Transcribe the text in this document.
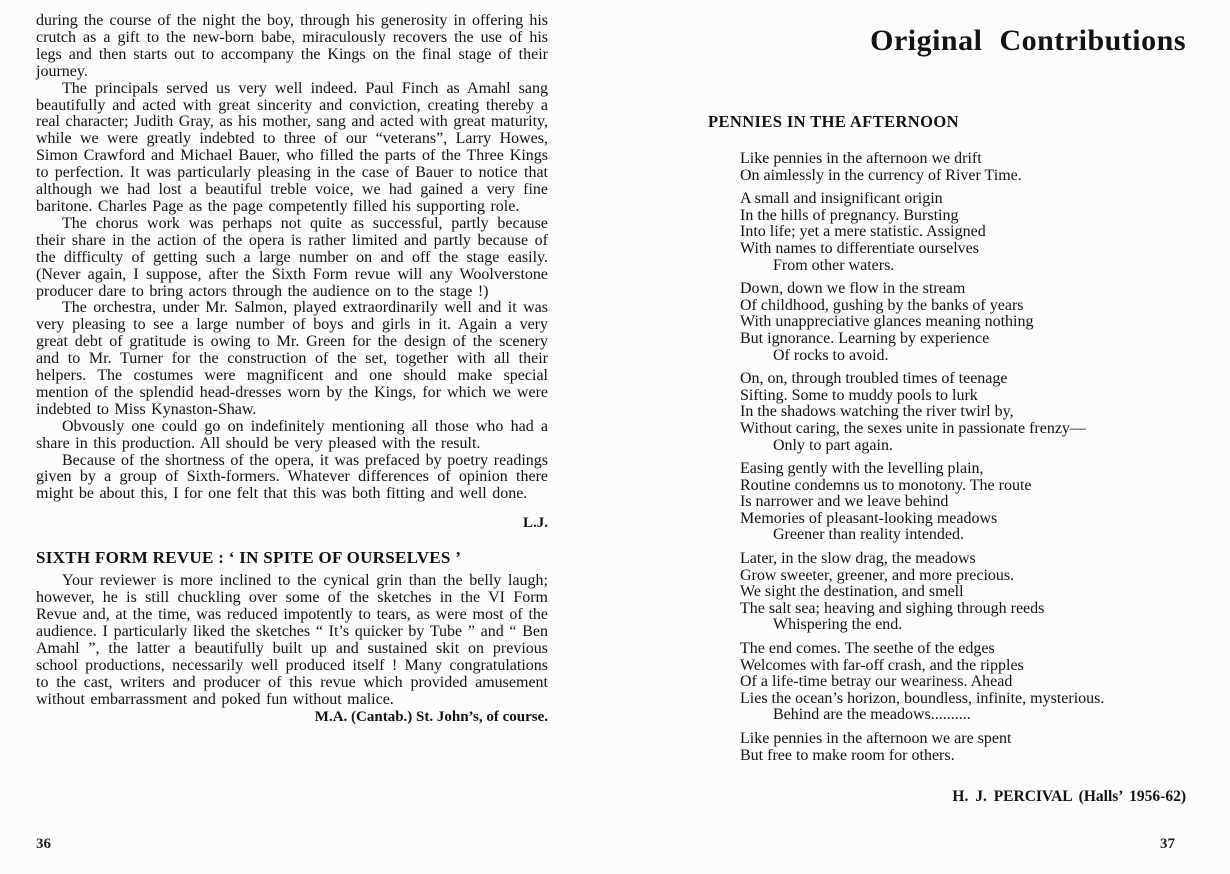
during the course of the night the boy, through his generosity in offering his crutch as a gift to the new-born babe, miraculously recovers the use of his legs and then starts out to accompany the Kings on the final stage of their journey.

The principals served us very well indeed. Paul Finch as Amahl sang beautifully and acted with great sincerity and conviction, creating thereby a real character; Judith Gray, as his mother, sang and acted with great maturity, while we were greatly indebted to three of our “veterans”, Larry Howes, Simon Crawford and Michael Bauer, who filled the parts of the Three Kings to perfection. It was particularly pleasing in the case of Bauer to notice that although we had lost a beautiful treble voice, we had gained a very fine baritone. Charles Page as the page competently filled his supporting role.

The chorus work was perhaps not quite as successful, partly because their share in the action of the opera is rather limited and partly because of the difficulty of getting such a large number on and off the stage easily. (Never again, I suppose, after the Sixth Form revue will any Woolverstone producer dare to bring actors through the audience on to the stage !)

The orchestra, under Mr. Salmon, played extraordinarily well and it was very pleasing to see a large number of boys and girls in it. Again a very great debt of gratitude is owing to Mr. Green for the design of the scenery and to Mr. Turner for the construction of the set, together with all their helpers. The costumes were magnificent and one should make special mention of the splendid head-dresses worn by the Kings, for which we were indebted to Miss Kynaston-Shaw.

Obvously one could go on indefinitely mentioning all those who had a share in this production. All should be very pleased with the result.

Because of the shortness of the opera, it was prefaced by poetry readings given by a group of Sixth-formers. Whatever differences of opinion there might be about this, I for one felt that this was both fitting and well done.

L.J.
SIXTH FORM REVUE : ‘ IN SPITE OF OURSELVES ’

Your reviewer is more inclined to the cynical grin than the belly laugh; however, he is still chuckling over some of the sketches in the VI Form Revue and, at the time, was reduced impotently to tears, as were most of the audience. I particularly liked the sketches “ It’s quicker by Tube ” and “ Ben Amahl ”, the latter a beautifully built up and sustained skit on previous school productions, necessarily well produced itself ! Many congratulations to the cast, writers and producer of this revue which provided amusement without embarrassment and poked fun without malice.

M.A. (Cantab.) St. John’s, of course.
36
Original Contributions
PENNIES IN THE AFTERNOON
Like pennies in the afternoon we drift
On aimlessly in the currency of River Time.
A small and insignificant origin
In the hills of pregnancy. Bursting
Into life; yet a mere statistic. Assigned
With names to differentiate ourselves
From other waters.
Down, down we flow in the stream
Of childhood, gushing by the banks of years
With unappreciative glances meaning nothing
But ignorance. Learning by experience
Of rocks to avoid.
On, on, through troubled times of teenage
Sifting. Some to muddy pools to lurk
In the shadows watching the river twirl by,
Without caring, the sexes unite in passionate frenzy—
Only to part again.
Easing gently with the levelling plain,
Routine condemns us to monotony. The route
Is narrower and we leave behind
Memories of pleasant-looking meadows
Greener than reality intended.
Later, in the slow drag, the meadows
Grow sweeter, greener, and more precious.
We sight the destination, and smell
The salt sea; heaving and sighing through reeds
Whispering the end.
The end comes. The seethe of the edges
Welcomes with far-off crash, and the ripples
Of a life-time betray our weariness. Ahead
Lies the ocean’s horizon, boundless, infinite, mysterious.
Behind are the meadows..........
Like pennies in the afternoon we are spent
But free to make room for others.
H. J. PERCIVAL (Halls’ 1956-62)
37
